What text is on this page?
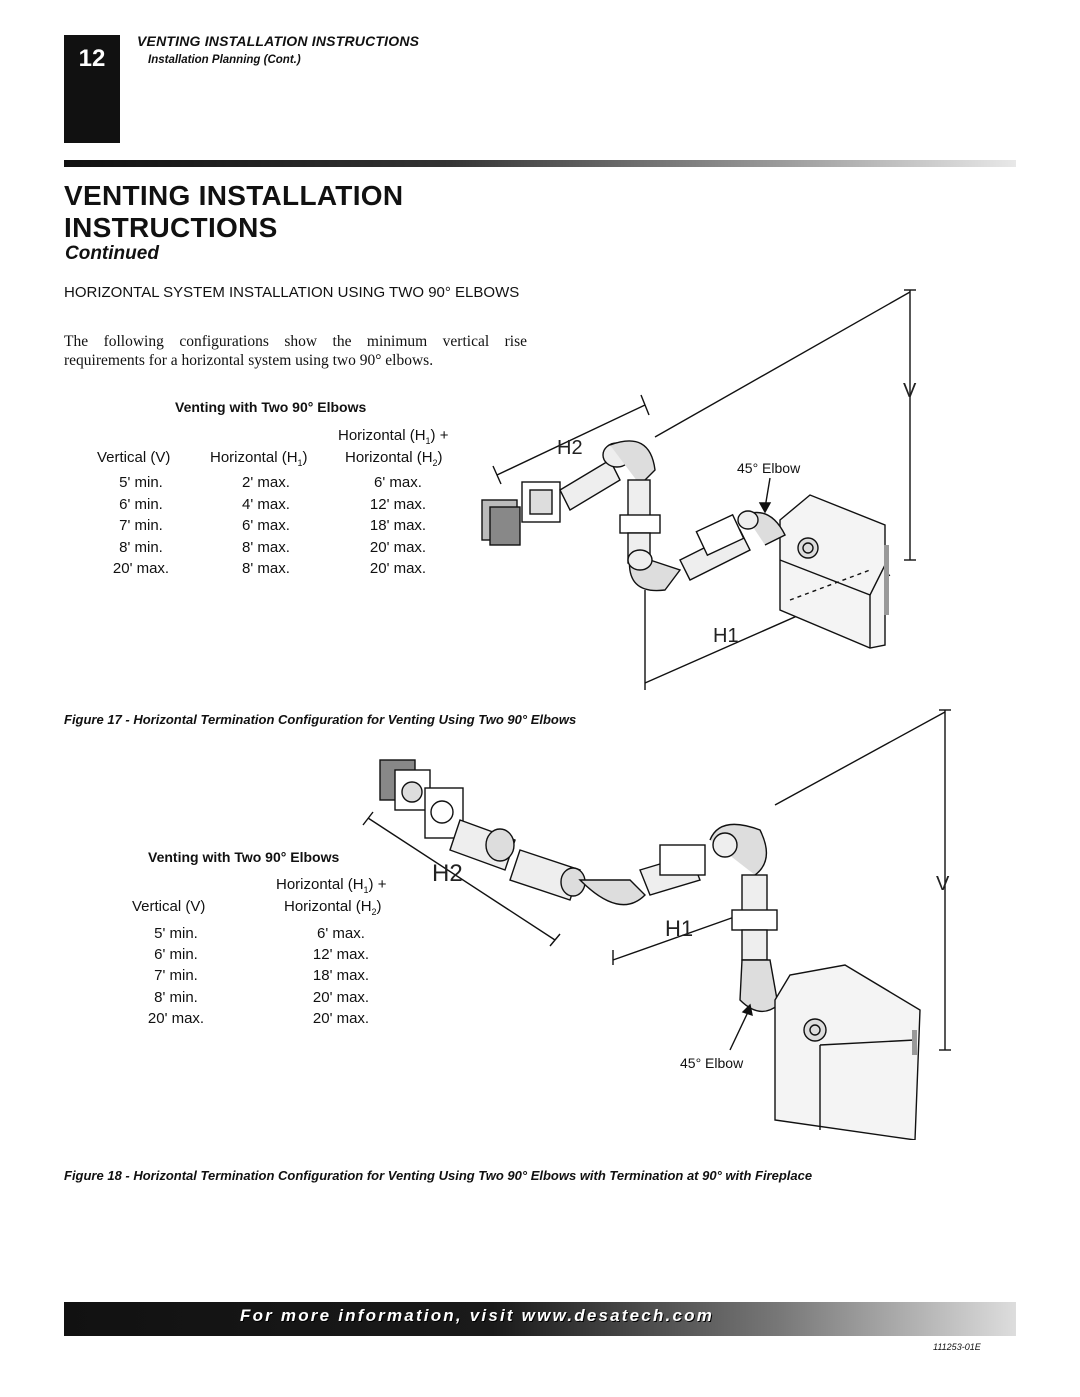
12
VENTING INSTALLATION INSTRUCTIONS
Installation Planning (Cont.)
VENTING INSTALLATION INSTRUCTIONS
Continued
HORIZONTAL SYSTEM INSTALLATION USING TWO 90° ELBOWS
The following configurations show the minimum vertical rise requirements for a horizontal system using two 90° elbows.
Venting with Two 90° Elbows
Horizontal $(H_1)$ +
Vertical (V)	Horizontal $(H_1)$ Horizontal $(H_2)$
5' min.	2' max.	6' max.
6' min.	4' max.	12' max.
7' min.	6' max.	18' max.
8' min.	8' max.	20' max.
20' max.	8' max.	20' max.
V
H2
H1
45° Elbow
Figure 17 - Horizontal Termination Configuration for Venting Using Two 90° Elbows
V
H2
H1
45° Elbow
Venting with Two 90° Elbows
Horizontal $(H_1)$ +
Vertical (V)	Horizontal $(H_2)$
5' min.	6' max.
6' min.	12' max.
7' min.	18' max.
8' min.	20' max.
20' max.	20' max.
Figure 18 - Horizontal Termination Configuration for Venting Using Two 90° Elbows with Termination at 90° with Fireplace
For more information, visit www.desatech.com
111253-01E
